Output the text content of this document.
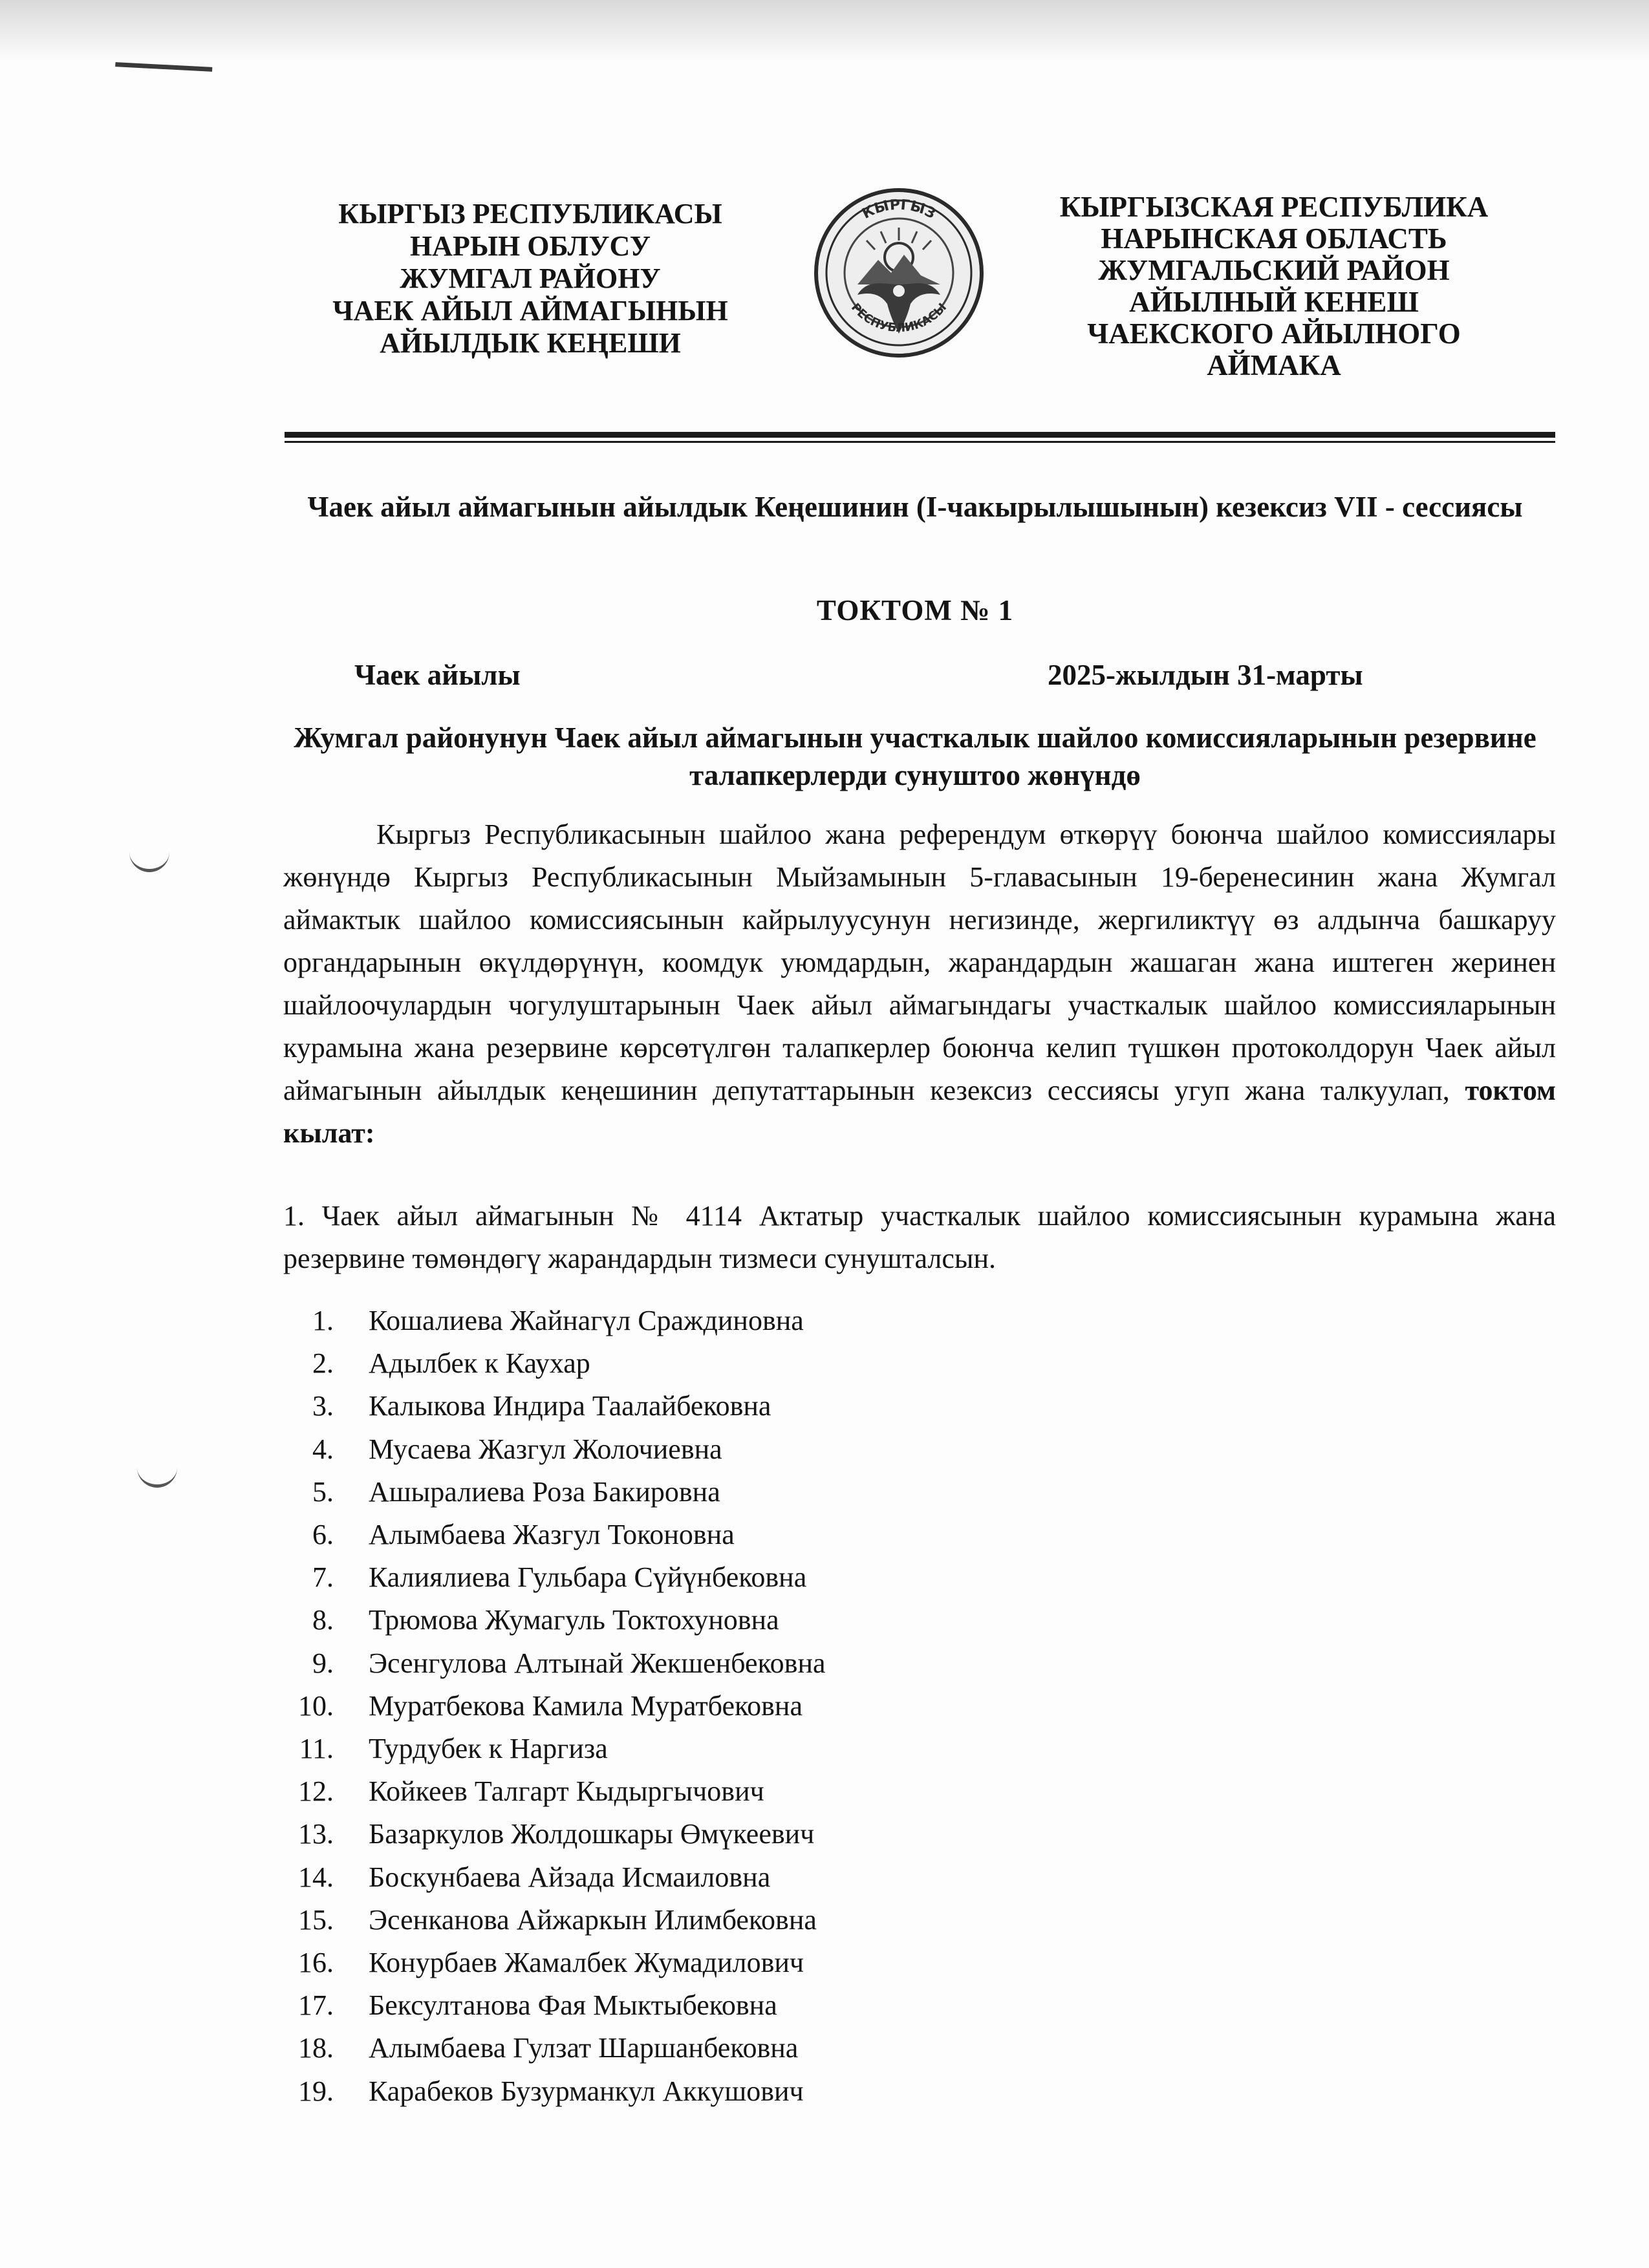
КЫРГЫЗ РЕСПУБЛИКАСЫ
НАРЫН ОБЛУСУ
ЖУМГАЛ РАЙОНУ
ЧАЕК АЙЫЛ АЙМАГЫНЫН
АЙЫЛДЫК КЕҢЕШИ
КЫРГЫЗ
РЕСПУБЛИКАСЫ
КЫРГЫЗСКАЯ РЕСПУБЛИКА
НАРЫНСКАЯ ОБЛАСТЬ
ЖУМГАЛЬСКИЙ РАЙОН
АЙЫЛНЫЙ КЕНЕШ
ЧАЕКСКОГО АЙЫЛНОГО
АЙМАКА
Чаек айыл аймагынын айылдык Кеңешинин (I-чакырылышынын) кезексиз VII - сессиясы
ТОКТОМ № 1
Чаек айылы	2025-жылдын 31-марты
Жумгал районунун Чаек айыл аймагынын участкалык шайлоо комиссияларынын резервине талапкерлерди сунуштоо жөнүндө

Кыргыз Республикасынын шайлоо жана референдум өткөрүү боюнча шайлоо комиссиялары жөнүндө Кыргыз Республикасынын Мыйзамынын 5-главасынын 19-беренесинин жана Жумгал аймактык шайлоо комиссиясынын кайрылуусунун негизинде, жергиликтүү өз алдынча башкаруу органдарынын өкүлдөрүнүн, коомдук уюмдардын, жарандардын жашаган жана иштеген жеринен шайлоочулардын чогулуштарынын Чаек айыл аймагындагы участкалык шайлоо комиссияларынын курамына жана резервине көрсөтүлгөн талапкерлер боюнча келип түшкөн протоколдорун Чаек айыл аймагынын айылдык кеңешинин депутаттарынын кезексиз сессиясы угуп жана талкуулап, токтом кылат:

1. Чаек айыл аймагынын № 4114 Актатыр участкалык шайлоо комиссиясынын курамына жана резервине төмөндөгү жарандардын тизмеси сунушталсын.

1.	Кошалиева Жайнагүл Сраждиновна
2.	Адылбек к Каухар
3.	Калыкова Индира Таалайбековна
4.	Мусаева Жазгул Жолочиевна
5.	Ашыралиева Роза Бакировна
6.	Алымбаева Жазгул Токоновна
7.	Калиялиева Гульбара Сүйүнбековна
8.	Трюмова Жумагуль Токтохуновна
9.	Эсенгулова Алтынай Жекшенбековна
10.	Муратбекова Камила Муратбековна
11.	Турдубек к Наргиза
12.	Койкеев Талгарт Кыдыргычович
13.	Базаркулов Жолдошкары Өмүкеевич
14.	Боскунбаева Айзада Исмаиловна
15.	Эсенканова Айжаркын Илимбековна
16.	Конурбаев Жамалбек Жумадилович
17.	Бексултанова Фая Мыктыбековна
18.	Алымбаева Гулзат Шаршанбековна
19.	Карабеков Бузурманкул Аккушович
